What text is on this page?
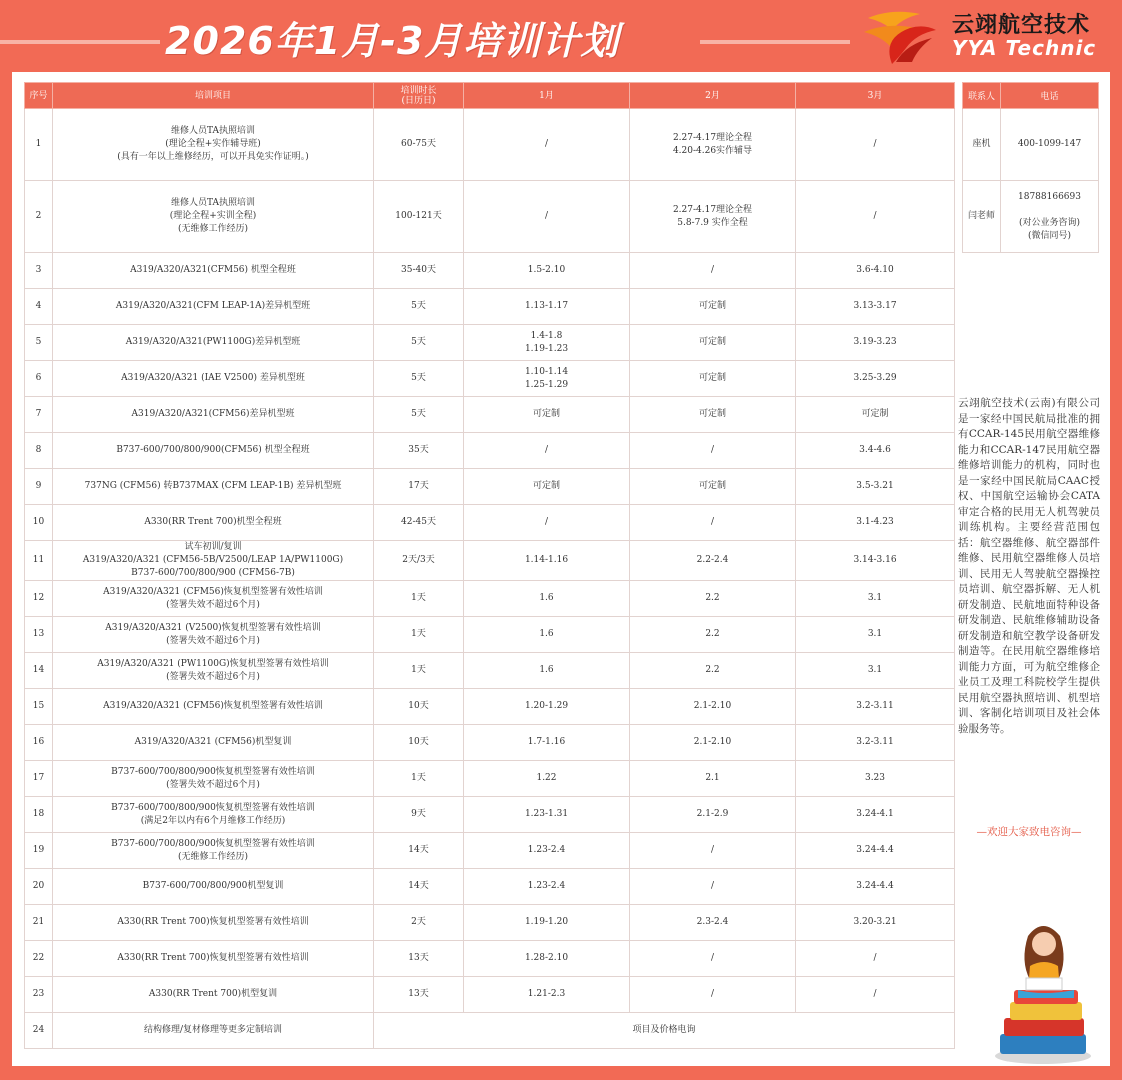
2026年1月-3月培训计划	云翊航空技术
YYA Technic
序号	培训项目	培训时长
(日历日)	1月	2月	3月
1	维修人员TA执照培训
(理论全程+实作辅导班)
(具有一年以上维修经历，可以开具免实作证明。)	60-75天	/	2.27-4.17理论全程
4.20-4.26实作辅导	/
2	维修人员TA执照培训
(理论全程+实训全程)
(无维修工作经历)	100-121天	/	2.27-4.17理论全程
5.8-7.9 实作全程	/
3	A319/A320/A321(CFM56) 机型全程班	35-40天	1.5-2.10	/	3.6-4.10
4	A319/A320/A321(CFM LEAP-1A)差异机型班	5天	1.13-1.17	可定制	3.13-3.17
5	A319/A320/A321(PW1100G)差异机型班	5天	1.4-1.8
1.19-1.23	可定制	3.19-3.23
6	A319/A320/A321 (IAE V2500) 差异机型班	5天	1.10-1.14
1.25-1.29	可定制	3.25-3.29
7	A319/A320/A321(CFM56)差异机型班	5天	可定制	可定制	可定制
8	B737-600/700/800/900(CFM56) 机型全程班	35天	/	/	3.4-4.6
9	737NG (CFM56) 转B737MAX (CFM LEAP-1B) 差异机型班	17天	可定制	可定制	3.5-3.21
10	A330(RR Trent 700)机型全程班	42-45天	/	/	3.1-4.23
11	试车初训/复训
A319/A320/A321 (CFM56-5B/V2500/LEAP 1A/PW1100G)
B737-600/700/800/900 (CFM56-7B)	2天/3天	1.14-1.16	2.2-2.4	3.14-3.16
12	A319/A320/A321 (CFM56)恢复机型签署有效性培训
(签署失效不超过6个月)	1天	1.6	2.2	3.1
13	A319/A320/A321 (V2500)恢复机型签署有效性培训
(签署失效不超过6个月)	1天	1.6	2.2	3.1
14	A319/A320/A321 (PW1100G)恢复机型签署有效性培训
(签署失效不超过6个月)	1天	1.6	2.2	3.1
15	A319/A320/A321 (CFM56)恢复机型签署有效性培训	10天	1.20-1.29	2.1-2.10	3.2-3.11
16	A319/A320/A321 (CFM56)机型复训	10天	1.7-1.16	2.1-2.10	3.2-3.11
17	B737-600/700/800/900恢复机型签署有效性培训
(签署失效不超过6个月)	1天	1.22	2.1	3.23
18	B737-600/700/800/900恢复机型签署有效性培训
(满足2年以内有6个月维修工作经历)	9天	1.23-1.31	2.1-2.9	3.24-4.1
19	B737-600/700/800/900恢复机型签署有效性培训
(无维修工作经历)	14天	1.23-2.4	/	3.24-4.4
20	B737-600/700/800/900机型复训	14天	1.23-2.4	/	3.24-4.4
21	A330(RR Trent 700)恢复机型签署有效性培训	2天	1.19-1.20	2.3-2.4	3.20-3.21
22	A330(RR Trent 700)恢复机型签署有效性培训	13天	1.28-2.10	/	/
23	A330(RR Trent 700)机型复训	13天	1.21-2.3	/	/
24	结构修理/复材修理等更多定制培训	项目及价格电询			
联系人	电话
座机	400-1099-147
闫老师	18788166693

(对公业务咨询)
(微信同号)
云翊航空技术(云南)有限公司是一家经中国民航局批准的拥有CCAR-145民用航空器维修能力和CCAR-147民用航空器维修培训能力的机构，同时也是一家经中国民航局CAAC授权、中国航空运输协会CATA审定合格的民用无人机驾驶员训练机构。主要经营范围包括：航空器维修、航空器部件维修、民用航空器维修人员培训、民用无人驾驶航空器操控员培训、航空器拆解、无人机研发制造、民航地面特种设备研发制造、民航维修辅助设备研发制造和航空教学设备研发制造等。在民用航空器维修培训能力方面，可为航空维修企业员工及理工科院校学生提供民用航空器执照培训、机型培训、客制化培训项目及社会体验服务等。
—欢迎大家致电咨询—
